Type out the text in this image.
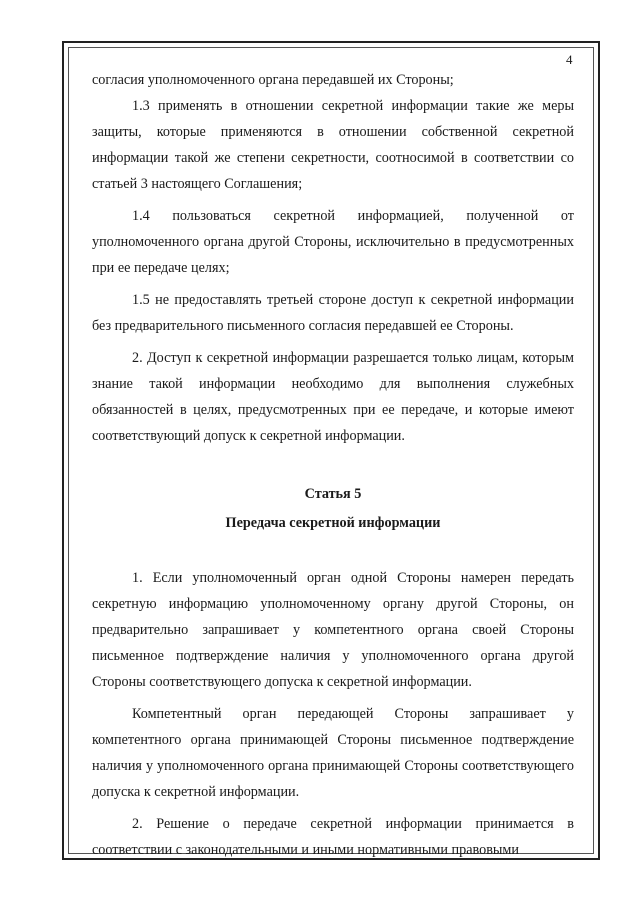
4

согласия уполномоченного органа передавшей их Стороны;

1.3 применять в отношении секретной информации такие же меры защиты, которые применяются в отношении собственной секретной информации такой же степени секретности, соотносимой в соответствии со статьей 3 настоящего Соглашения;

1.4 пользоваться секретной информацией, полученной от уполномоченного органа другой Стороны, исключительно в предусмотренных при ее передаче целях;

1.5 не предоставлять третьей стороне доступ к секретной информации без предварительного письменного согласия передавшей ее Стороны.

2. Доступ к секретной информации разрешается только лицам, которым знание такой информации необходимо для выполнения служебных обязанностей в целях, предусмотренных при ее передаче, и которые имеют соответствующий допуск к секретной информации.

Статья 5
Передача секретной информации

1. Если уполномоченный орган одной Стороны намерен передать секретную информацию уполномоченному органу другой Стороны, он предварительно запрашивает у компетентного органа своей Стороны письменное подтверждение наличия у уполномоченного органа другой Стороны соответствующего допуска к секретной информации.

Компетентный орган передающей Стороны запрашивает у компетентного органа принимающей Стороны письменное подтверждение наличия у уполномоченного органа принимающей Стороны соответствующего допуска к секретной информации.

2. Решение о передаче секретной информации принимается в соответствии с законодательными и иными нормативными правовыми
